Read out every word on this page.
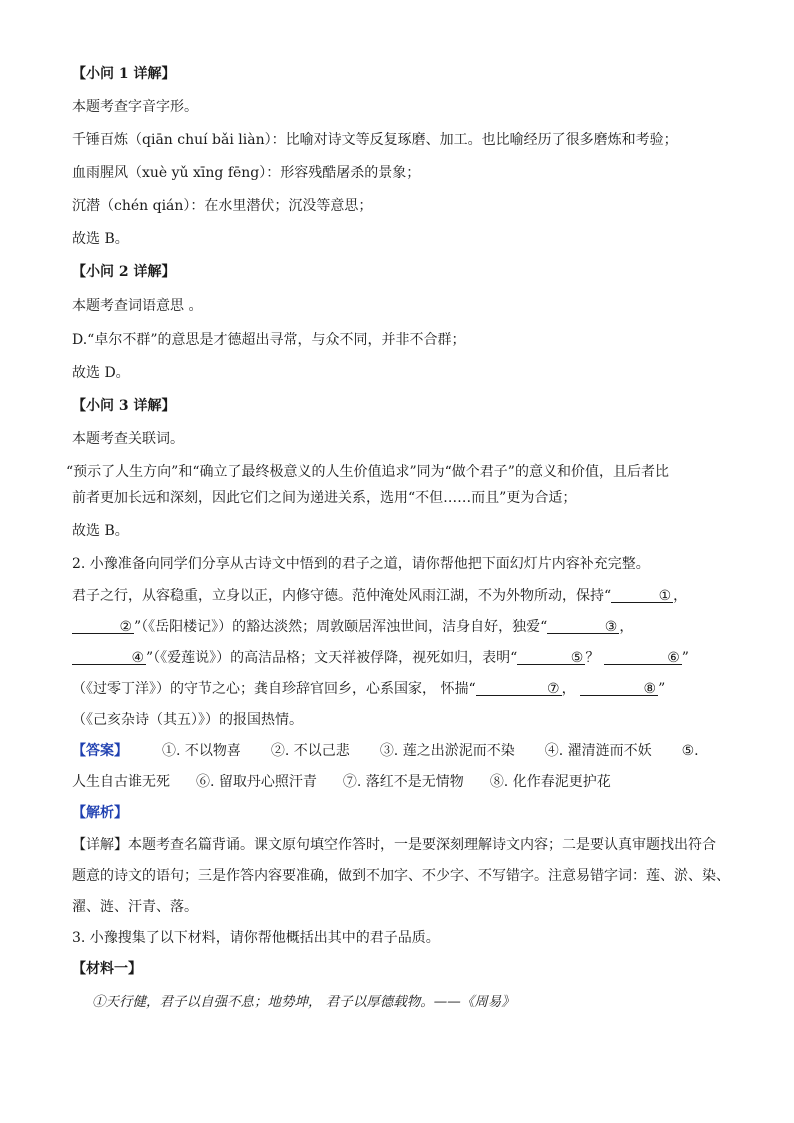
【小问 1 详解】
本题考查字音字形。
千锤百炼（qiān chuí bǎi liàn）：比喻对诗文等反复琢磨、加工。也比喻经历了很多磨炼和考验；
血雨腥风（xuè yǔ xīng fēng）：形容残酷屠杀的景象；
沉潜（chén qián）：在水里潜伏；沉没等意思；
故选 B。
【小问 2 详解】
本题考查词语意思 。
D.“卓尔不群”的意思是才德超出寻常，与众不同，并非不合群；
故选 D。
【小问 3 详解】
本题考查关联词。
“预示了人生方向”和“确立了最终极意义的人生价值追求”同为“做个君子”的意义和价值，且后者比
前者更加长远和深刻，因此它们之间为递进关系，选用“不但……而且”更为合适；
故选 B。
2. 小豫准备向同学们分享从古诗文中悟到的君子之道，请你帮他把下面幻灯片内容补充完整。
君子之行，从容稳重，立身以正，内修守德。范仲淹处风雨江湖，不为外物所动，保持“	① ，
② ”（《岳阳楼记》）的豁达淡然；周敦颐居浑浊世间，洁身自好，独爱“	③ ，
④ ”（《爱莲说》）的高洁品格；文天祥被俘降，视死如归，表明“	⑤ ？	⑥ ”
（《过零丁洋》）的守节之心；龚自珍辞官回乡，心系国家， 怀揣“	⑦ ，	⑧ ”
（《己亥杂诗（其五）》）的报国热情。
【答案】 ①. 不以物喜 ②. 不以己悲 ③. 莲之出淤泥而不染 ④. 濯清涟而不妖 ⑤.
人生自古谁无死 ⑥. 留取丹心照汗青 ⑦. 落红不是无情物 ⑧. 化作春泥更护花
【解析】
【详解】本题考查名篇背诵。课文原句填空作答时，一是要深刻理解诗文内容；二是要认真审题找出符合
题意的诗文的语句；三是作答内容要准确，做到不加字、不少字、不写错字。注意易错字词：莲、淤、染、
濯、涟、汗青、落。
3. 小豫搜集了以下材料，请你帮他概括出其中的君子品质。
【材料一】
①天行健，君子以自强不息；地势坤， 君子以厚德载物。——《周易》
